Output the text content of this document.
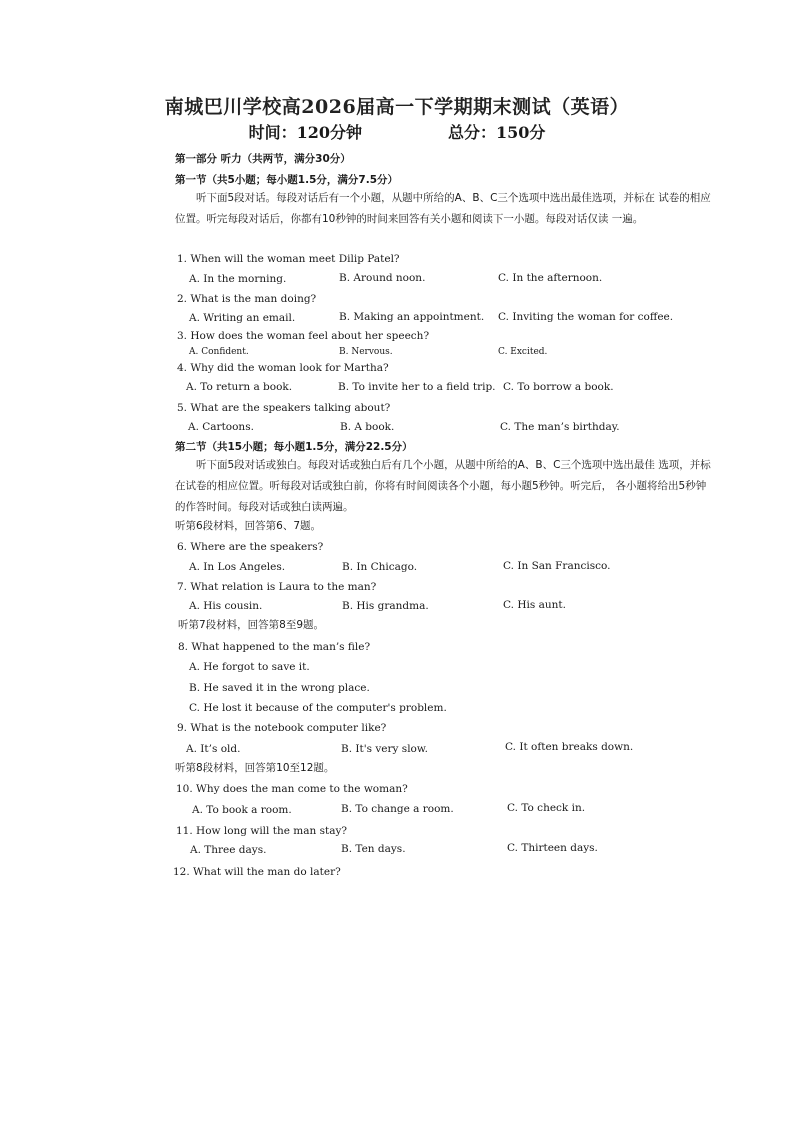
南城巴川学校高2026届高一下学期期末测试（英语）
时间：120分钟	总分：150分
第一部分 听力（共两节，满分30分）
第一节（共5小题；每小题1.5分，满分7.5分）
听下面5段对话。每段对话后有一个小题，从题中所给的A、B、C三个选项中选出最佳选项，并标在 试卷的相应位置。听完每段对话后，你都有10秒钟的时间来回答有关小题和阅读下一小题。每段对话仅读 一遍。
1. When will the woman meet Dilip Patel?
A. In the morning.	B. Around noon.	C. In the afternoon.
2. What is the man doing?
A. Writing an email.	B. Making an appointment. C. Inviting the woman for coffee.
3. How does the woman feel about her speech?
A. Confident.	B. Nervous.	C. Excited.
4. Why did the woman look for Martha?
A. To return a book.	B. To invite her to a field trip. C. To borrow a book.
5. What are the speakers talking about?
A. Cartoons.	B. A book.	C. The man’s birthday.
第二节（共15小题；每小题1.5分，满分22.5分）
听下面5段对话或独白。每段对话或独白后有几个小题，从题中所给的A、B、C三个选项中选出最佳 选项，并标在试卷的相应位置。听每段对话或独白前，你将有时间阅读各个小题，每小题5秒钟。听完后， 各小题将给出5秒钟的作答时间。每段对话或独白读两遍。
听第6段材料，回答第6、7题。
6. Where are the speakers?
A. In Los Angeles.	B. In Chicago.	C. In San Francisco.
7. What relation is Laura to the man?
A. His cousin.	B. His grandma.	C. His aunt.
听第7段材料，回答第8至9题。
8. What happened to the man’s file?
A. He forgot to save it.
B. He saved it in the wrong place.
C. He lost it because of the computer's problem.
9. What is the notebook computer like?
A. It’s old.	B. It's very slow.	C. It often breaks down.
听第8段材料，回答第10至12题。
10. Why does the man come to the woman?
A. To book a room.	B. To change a room.	C. To check in.
11. How long will the man stay?
A. Three days.	B. Ten days.	C. Thirteen days.
12. What will the man do later?
